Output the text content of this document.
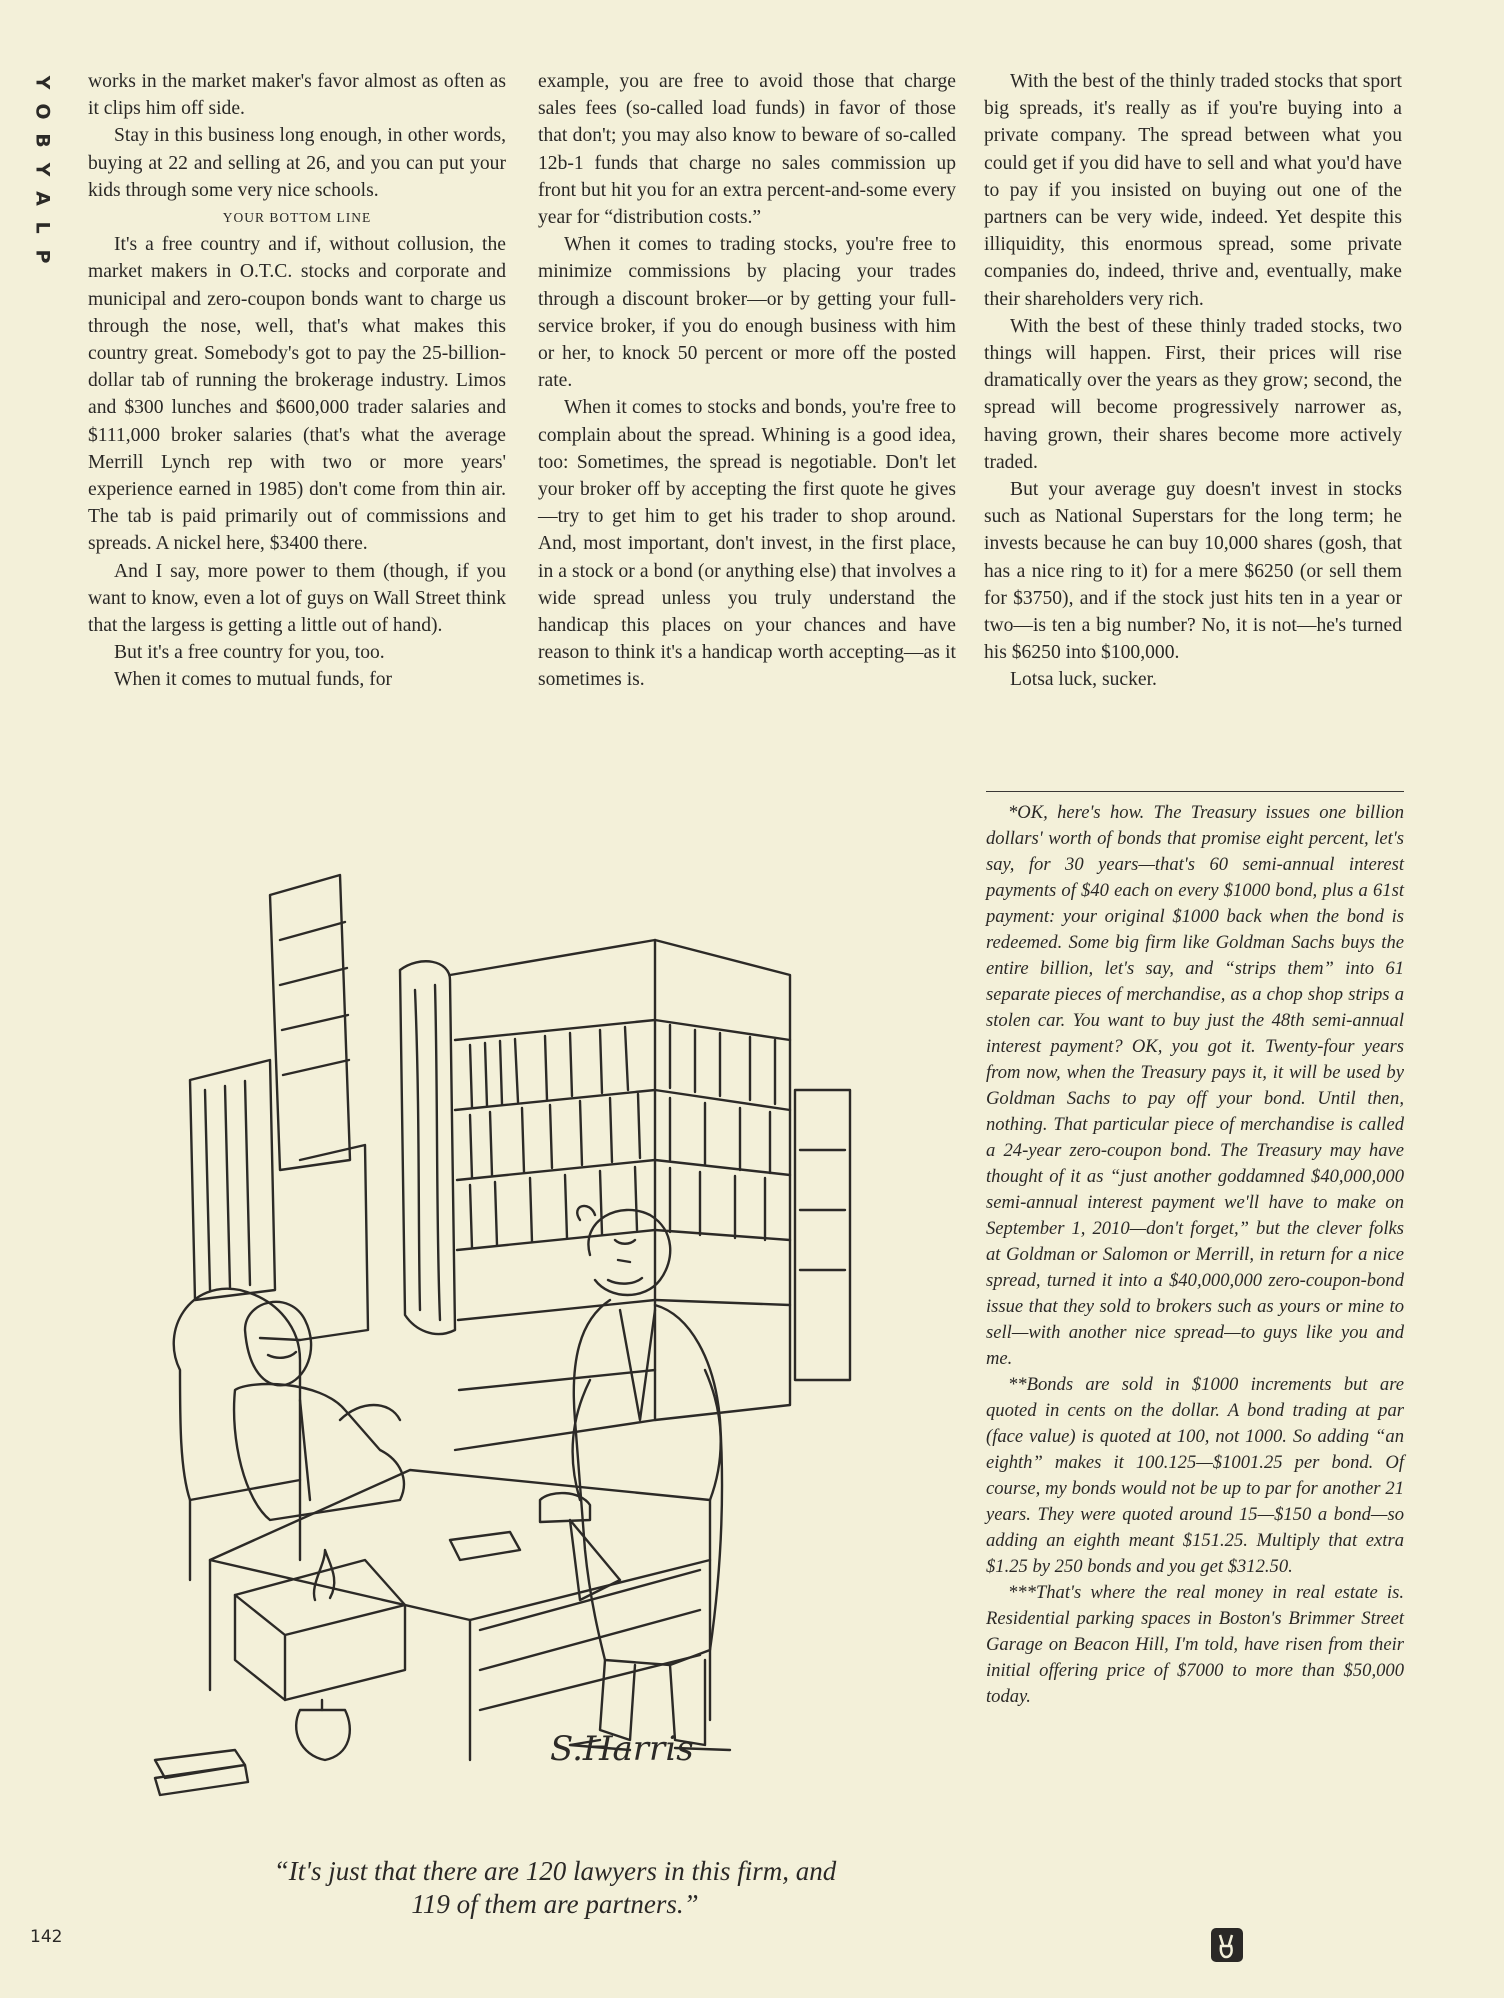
Y
O
B
Y
A
L
P

works in the market maker's favor almost as often as it clips him off side.

Stay in this business long enough, in other words, buying at 22 and selling at 26, and you can put your kids through some very nice schools.

YOUR BOTTOM LINE

It's a free country and if, without collusion, the market makers in O.T.C. stocks and corporate and municipal and zero-coupon bonds want to charge us through the nose, well, that's what makes this country great. Somebody's got to pay the 25-billion-dollar tab of running the brokerage industry. Limos and $300 lunches and $600,000 trader salaries and $111,000 broker salaries (that's what the average Merrill Lynch rep with two or more years' experience earned in 1985) don't come from thin air. The tab is paid primarily out of commissions and spreads. A nickel here, $3400 there.

And I say, more power to them (though, if you want to know, even a lot of guys on Wall Street think that the largess is getting a little out of hand).

But it's a free country for you, too.

When it comes to mutual funds, for

example, you are free to avoid those that charge sales fees (so-called load funds) in favor of those that don't; you may also know to beware of so-called 12b-1 funds that charge no sales commission up front but hit you for an extra percent-and-some every year for “distribution costs.”

When it comes to trading stocks, you're free to minimize commissions by placing your trades through a discount broker—or by getting your full-service broker, if you do enough business with him or her, to knock 50 percent or more off the posted rate.

When it comes to stocks and bonds, you're free to complain about the spread. Whining is a good idea, too: Sometimes, the spread is negotiable. Don't let your broker off by accepting the first quote he gives—try to get him to get his trader to shop around. And, most important, don't invest, in the first place, in a stock or a bond (or anything else) that involves a wide spread unless you truly understand the handicap this places on your chances and have reason to think it's a handicap worth accepting—as it sometimes is.

With the best of the thinly traded stocks that sport big spreads, it's really as if you're buying into a private company. The spread between what you could get if you did have to sell and what you'd have to pay if you insisted on buying out one of the partners can be very wide, indeed. Yet despite this illiquidity, this enormous spread, some private companies do, indeed, thrive and, eventually, make their shareholders very rich.

With the best of these thinly traded stocks, two things will happen. First, their prices will rise dramatically over the years as they grow; second, the spread will become progressively narrower as, having grown, their shares become more actively traded.

But your average guy doesn't invest in stocks such as National Superstars for the long term; he invests because he can buy 10,000 shares (gosh, that has a nice ring to it) for a mere $6250 (or sell them for $3750), and if the stock just hits ten in a year or two—is ten a big number? No, it is not—he's turned his $6250 into $100,000.

Lotsa luck, sucker.

*OK, here's how. The Treasury issues one billion dollars' worth of bonds that promise eight percent, let's say, for 30 years—that's 60 semi-annual interest payments of $40 each on every $1000 bond, plus a 61st payment: your original $1000 back when the bond is redeemed. Some big firm like Goldman Sachs buys the entire billion, let's say, and “strips them” into 61 separate pieces of merchandise, as a chop shop strips a stolen car. You want to buy just the 48th semi-annual interest payment? OK, you got it. Twenty-four years from now, when the Treasury pays it, it will be used by Goldman Sachs to pay off your bond. Until then, nothing. That particular piece of merchandise is called a 24-year zero-coupon bond. The Treasury may have thought of it as “just another goddamned $40,000,000 semi-annual interest payment we'll have to make on September 1, 2010—don't forget,” but the clever folks at Goldman or Salomon or Merrill, in return for a nice spread, turned it into a $40,000,000 zero-coupon-bond issue that they sold to brokers such as yours or mine to sell—with another nice spread—to guys like you and me.

**Bonds are sold in $1000 increments but are quoted in cents on the dollar. A bond trading at par (face value) is quoted at 100, not 1000. So adding “an eighth” makes it 100.125—$1001.25 per bond. Of course, my bonds would not be up to par for another 21 years. They were quoted around 15—$150 a bond—so adding an eighth meant $151.25. Multiply that extra $1.25 by 250 bonds and you get $312.50.

***That's where the real money in real estate is. Residential parking spaces in Boston's Brimmer Street Garage on Beacon Hill, I'm told, have risen from their initial offering price of $7000 to more than $50,000 today.

S.Harris
“It's just that there are 120 lawyers in this firm, and
119 of them are partners.”
142
